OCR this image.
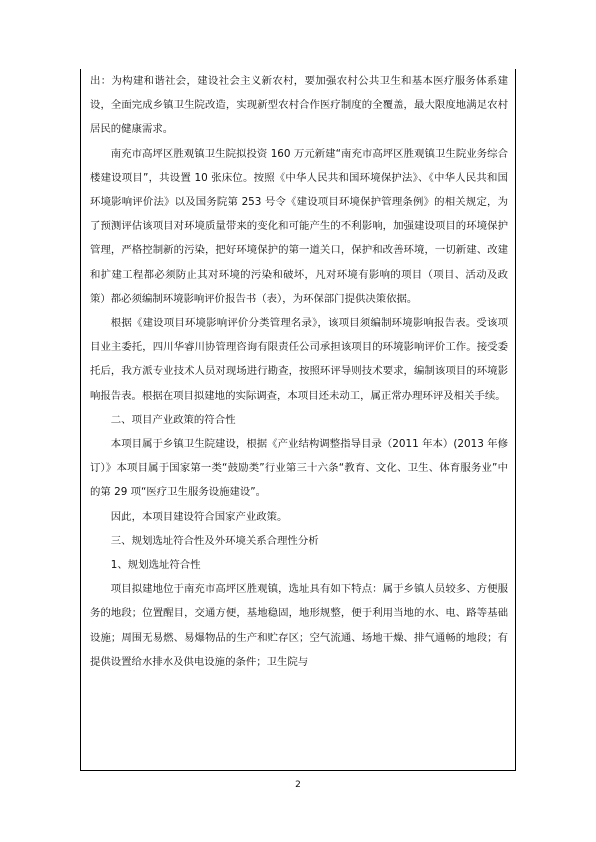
出：为构建和谐社会，建设社会主义新农村，要加强农村公共卫生和基本医疗服务体系建设，全面完成乡镇卫生院改造，实现新型农村合作医疗制度的全覆盖，最大限度地满足农村居民的健康需求。

南充市高坪区胜观镇卫生院拟投资 160 万元新建“南充市高坪区胜观镇卫生院业务综合楼建设项目”，共设置 10 张床位。按照《中华人民共和国环境保护法》、《中华人民共和国环境影响评价法》以及国务院第 253 号令《建设项目环境保护管理条例》的相关规定，为了预测评估该项目对环境质量带来的变化和可能产生的不利影响，加强建设项目的环境保护管理，严格控制新的污染，把好环境保护的第一道关口，保护和改善环境，一切新建、改建和扩建工程都必须防止其对环境的污染和破坏，凡对环境有影响的项目（项目、活动及政策）都必须编制环境影响评价报告书（表），为环保部门提供决策依据。

根据《建设项目环境影响评价分类管理名录》，该项目须编制环境影响报告表。受该项目业主委托，四川华睿川协管理咨询有限责任公司承担该项目的环境影响评价工作。接受委托后，我方派专业技术人员对现场进行勘查，按照环评导则技术要求，编制该项目的环境影响报告表。根据在项目拟建地的实际调查，本项目还未动工，属正常办理环评及相关手续。

二、项目产业政策的符合性

本项目属于乡镇卫生院建设，根据《产业结构调整指导目录（2011 年本）(2013 年修订）》本项目属于国家第一类“鼓励类”行业第三十六条“教育、文化、卫生、体育服务业”中的第 29 项“医疗卫生服务设施建设”。

因此，本项目建设符合国家产业政策。

三、规划选址符合性及外环境关系合理性分析

1、规划选址符合性

项目拟建地位于南充市高坪区胜观镇，选址具有如下特点：属于乡镇人员较多、方便服务的地段；位置醒目，交通方便，基地稳固，地形规整，便于利用当地的水、电、路等基础设施；周围无易燃、易爆物品的生产和贮存区；空气流通、场地干燥、排气通畅的地段；有提供设置给水排水及供电设施的条件；卫生院与

2
